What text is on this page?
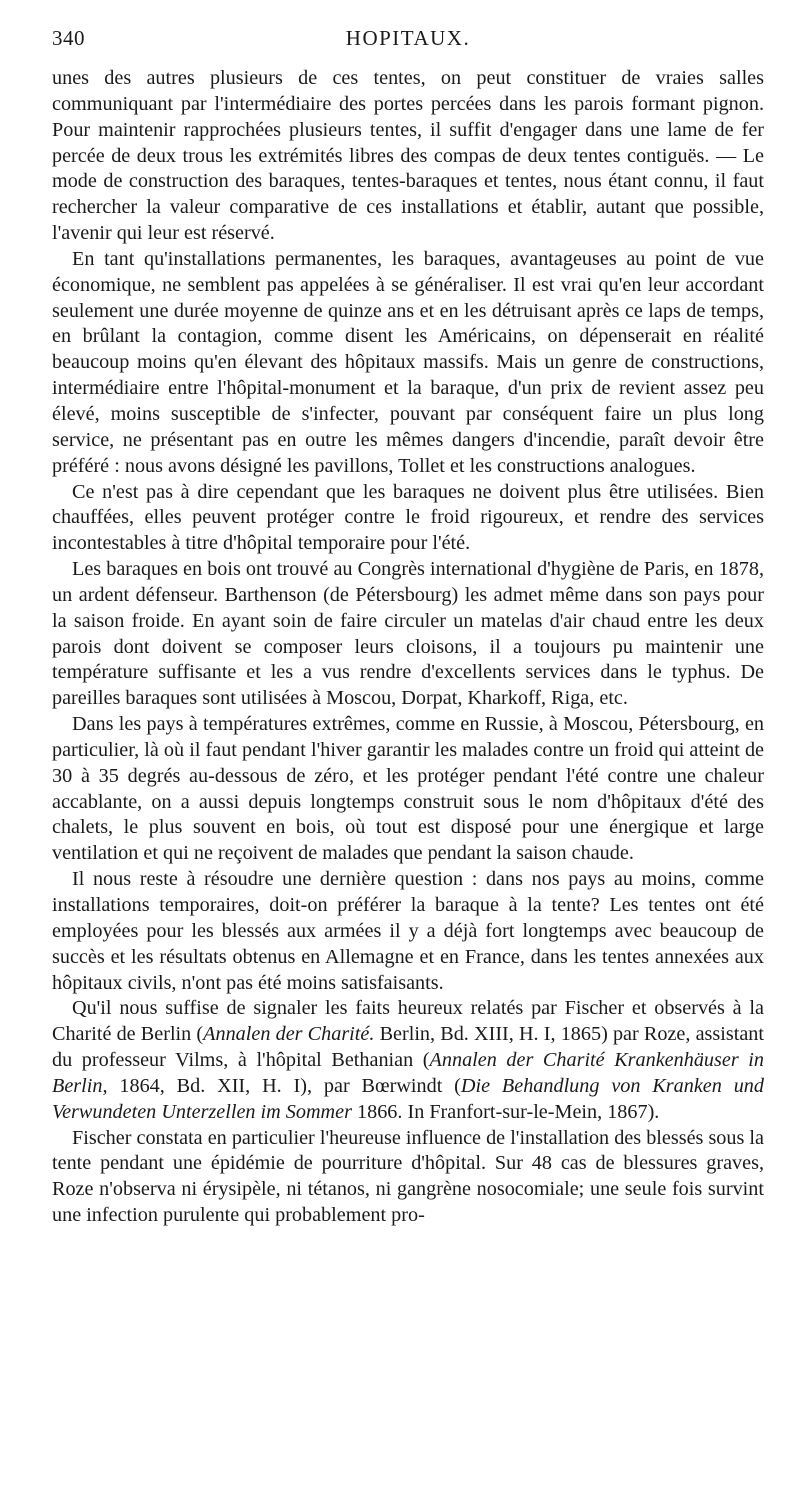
340	HOPITAUX.

unes des autres plusieurs de ces tentes, on peut constituer de vraies salles communiquant par l'intermédiaire des portes percées dans les parois formant pignon. Pour maintenir rapprochées plusieurs tentes, il suffit d'engager dans une lame de fer percée de deux trous les extrémités libres des compas de deux tentes contiguës. — Le mode de construction des baraques, tentes-baraques et tentes, nous étant connu, il faut rechercher la valeur comparative de ces installations et établir, autant que possible, l'avenir qui leur est réservé.

En tant qu'installations permanentes, les baraques, avantageuses au point de vue économique, ne semblent pas appelées à se généraliser. Il est vrai qu'en leur accordant seulement une durée moyenne de quinze ans et en les détruisant après ce laps de temps, en brûlant la contagion, comme disent les Américains, on dépenserait en réalité beaucoup moins qu'en élevant des hôpitaux massifs. Mais un genre de constructions, intermédiaire entre l'hôpital-monument et la baraque, d'un prix de revient assez peu élevé, moins susceptible de s'infecter, pouvant par conséquent faire un plus long service, ne présentant pas en outre les mêmes dangers d'incendie, paraît devoir être préféré : nous avons désigné les pavillons, Tollet et les constructions analogues.

Ce n'est pas à dire cependant que les baraques ne doivent plus être utilisées. Bien chauffées, elles peuvent protéger contre le froid rigoureux, et rendre des services incontestables à titre d'hôpital temporaire pour l'été.

Les baraques en bois ont trouvé au Congrès international d'hygiène de Paris, en 1878, un ardent défenseur. Barthenson (de Pétersbourg) les admet même dans son pays pour la saison froide. En ayant soin de faire circuler un matelas d'air chaud entre les deux parois dont doivent se composer leurs cloisons, il a toujours pu maintenir une température suffisante et les a vus rendre d'excellents services dans le typhus. De pareilles baraques sont utilisées à Moscou, Dorpat, Kharkoff, Riga, etc.

Dans les pays à températures extrêmes, comme en Russie, à Moscou, Pétersbourg, en particulier, là où il faut pendant l'hiver garantir les malades contre un froid qui atteint de 30 à 35 degrés au-dessous de zéro, et les protéger pendant l'été contre une chaleur accablante, on a aussi depuis longtemps construit sous le nom d'hôpitaux d'été des chalets, le plus souvent en bois, où tout est disposé pour une énergique et large ventilation et qui ne reçoivent de malades que pendant la saison chaude.

Il nous reste à résoudre une dernière question : dans nos pays au moins, comme installations temporaires, doit-on préférer la baraque à la tente? Les tentes ont été employées pour les blessés aux armées il y a déjà fort longtemps avec beaucoup de succès et les résultats obtenus en Allemagne et en France, dans les tentes annexées aux hôpitaux civils, n'ont pas été moins satisfaisants.

Qu'il nous suffise de signaler les faits heureux relatés par Fischer et observés à la Charité de Berlin (Annalen der Charité. Berlin, Bd. XIII, H. I, 1865) par Roze, assistant du professeur Vilms, à l'hôpital Bethanian (Annalen der Charité Krankenhäuser in Berlin, 1864, Bd. XII, H. I), par Bœrwindt (Die Behandlung von Kranken und Verwundeten Unterzellen im Sommer 1866. In Franfort-sur-le-Mein, 1867).

Fischer constata en particulier l'heureuse influence de l'installation des blessés sous la tente pendant une épidémie de pourriture d'hôpital. Sur 48 cas de blessures graves, Roze n'observa ni érysipèle, ni tétanos, ni gangrène nosocomiale; une seule fois survint une infection purulente qui probablement pro-
